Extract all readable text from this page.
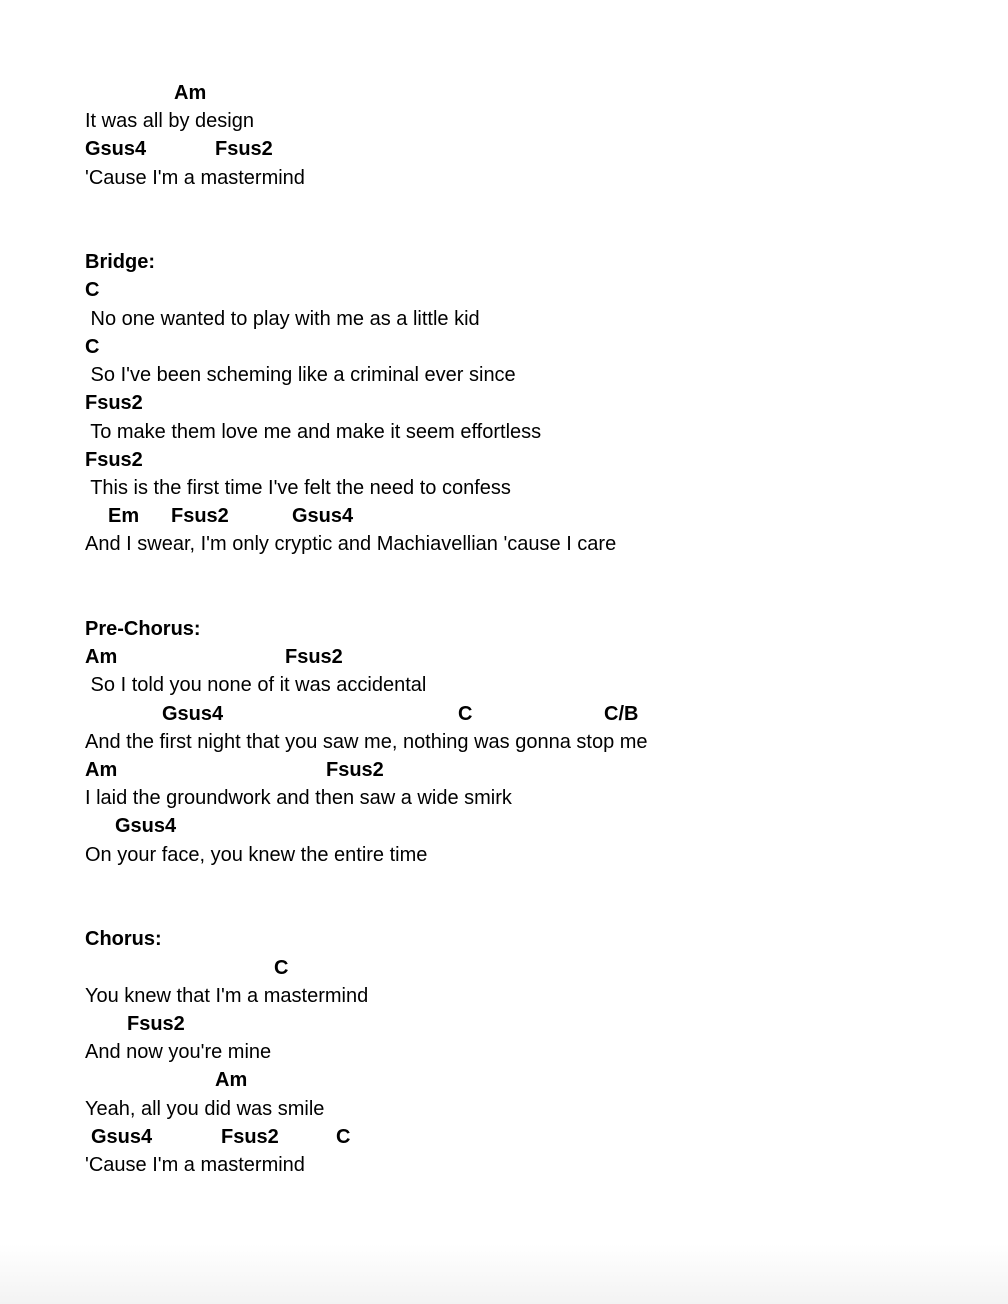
Am

It was all by design

Gsus4

	Fsus2

'Cause I'm a mastermind
Bridge:

C

No one wanted to play with me as a little kid

C

So I've been scheming like a criminal ever since

Fsus2

To make them love me and make it seem effortless

Fsus2

This is the first time I've felt the need to confess

Em

Fsus2

	Gsus4

And I swear, I'm only cryptic and Machiavellian 'cause I care
Pre-Chorus:

Am

	Fsus2

So I told you none of it was accidental

Gsus4

	C

	C/B

And the first night that you saw me, nothing was gonna stop me

Am

	Fsus2

I laid the groundwork and then saw a wide smirk

Gsus4

On your face, you knew the entire time
Chorus:

C

You knew that I'm a mastermind

Fsus2

And now you're mine

Am

Yeah, all you did was smile

Gsus4

	Fsus2

	C

'Cause I'm a mastermind
